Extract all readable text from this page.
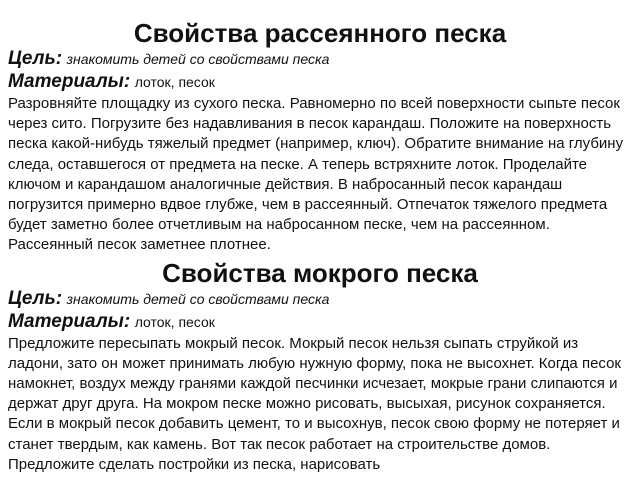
Свойства рассеянного песка

Цель: знакомить детей со свойствами песка

Материалы: лоток, песок

Разровняйте площадку из сухого песка. Равномерно по всей поверхности сыпьте песок через сито. Погрузите без надавливания в песок карандаш. Положите на поверхность песка какой-нибудь тяжелый предмет (например, ключ). Обратите внимание на глубину следа, оставшегося от предмета на песке. А теперь встряхните лоток. Проделайте ключом и карандашом аналогичные действия. В набросанный песок карандаш погрузится примерно вдвое глубже, чем в рассеянный. Отпечаток тяжелого предмета будет заметно более отчетливым на набросанном песке, чем на рассеянном. Рассеянный песок заметнее плотнее.

Свойства мокрого песка

Цель: знакомить детей со свойствами песка

Материалы: лоток, песок

Предложите пересыпать мокрый песок. Мокрый песок нельзя сыпать струйкой из ладони, зато он может принимать любую нужную форму, пока не высохнет. Когда песок намокнет, воздух между гранями каждой песчинки исчезает, мокрые грани слипаются и держат друг друга. На мокром песке можно рисовать, высыхая, рисунок сохраняется. Если в мокрый песок добавить цемент, то и высохнув, песок свою форму не потеряет и станет твердым, как камень. Вот так песок работает на строительстве домов. Предложите сделать постройки из песка, нарисовать
